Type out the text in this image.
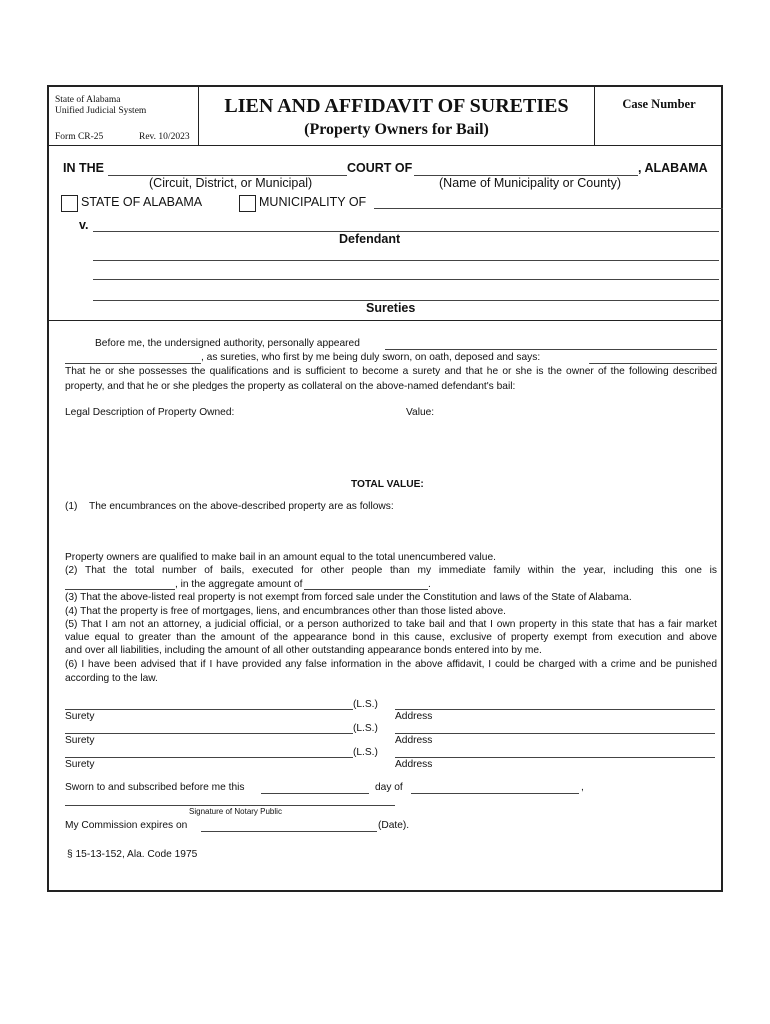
State of Alabama
Unified Judicial System
Form CR-25	Rev. 10/2023
LIEN AND AFFIDAVIT OF SURETIES
(Property Owners for Bail)
Case Number
IN THE	COURT OF	, ALABAMA
(Circuit, District, or Municipal)	(Name of Municipality or County)
STATE OF ALABAMA	MUNICIPALITY OF
v.
Defendant
Sureties
Before me, the undersigned authority, personally appeared
, as sureties, who first by me being duly sworn, on oath, deposed and says:
That he or she possesses the qualifications and is sufficient to become a surety and that he or she is the owner of the following described
property, and that he or she pledges the property as collateral on the above-named defendant's bail:
Legal Description of Property Owned:	Value:
TOTAL VALUE:
(1) The encumbrances on the above-described property are as follows:
Property owners are qualified to make bail in an amount equal to the total unencumbered value.
(2) That the total number of bails, executed for other people than my immediate family within the year, including this one is
, in the aggregate amount of	.
(3) That the above-listed real property is not exempt from forced sale under the Constitution and laws of the State of Alabama.
(4) That the property is free of mortgages, liens, and encumbrances other than those listed above.
(5) That I am not an attorney, a judicial official, or a person authorized to take bail and that I own property in this state that has a fair market
value equal to greater than the amount of the appearance bond in this cause, exclusive of property exempt from execution and above
and over all liabilities, including the amount of all other outstanding appearance bonds entered into by me.
(6) I have been advised that if I have provided any false information in the above affidavit, I could be charged with a crime and be punished
according to the law.
(L.S.)
Surety	Address
(L.S.)
Surety	Address
(L.S.)
Surety	Address
Sworn to and subscribed before me this	day of	,
Signature of Notary Public
My Commission expires on	(Date).
§ 15-13-152, Ala. Code 1975
